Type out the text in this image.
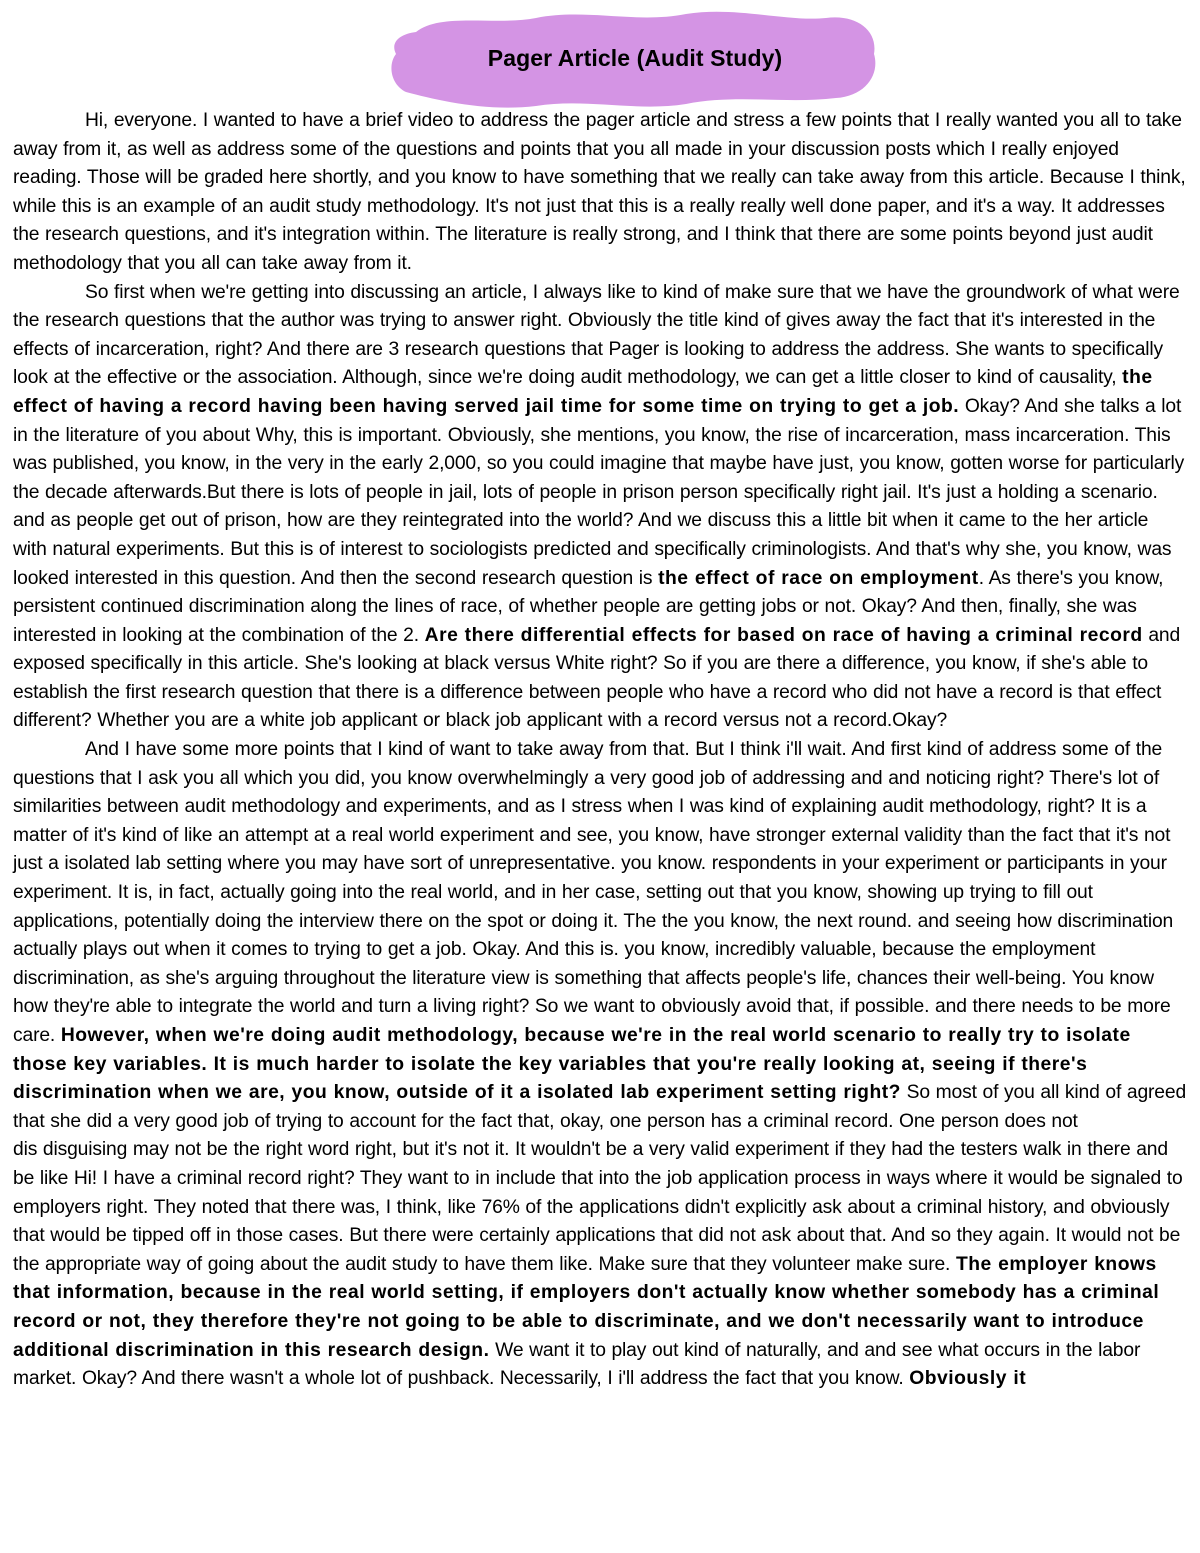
Pager Article (Audit Study)

Hi, everyone. I wanted to have a brief video to address the pager article and stress a few points that I really wanted you all to take away from it, as well as address some of the questions and points that you all made in your discussion posts which I really enjoyed reading. Those will be graded here shortly, and you know to have something that we really can take away from this article. Because I think, while this is an example of an audit study methodology. It's not just that this is a really really well done paper, and it's a way. It addresses the research questions, and it's integration within. The literature is really strong, and I think that there are some points beyond just audit methodology that you all can take away from it.

So first when we're getting into discussing an article, I always like to kind of make sure that we have the groundwork of what were the research questions that the author was trying to answer right. Obviously the title kind of gives away the fact that it's interested in the effects of incarceration, right? And there are 3 research questions that Pager is looking to address the address. She wants to specifically look at the effective or the association. Although, since we're doing audit methodology, we can get a little closer to kind of causality, the effect of having a record having been having served jail time for some time on trying to get a job. Okay? And she talks a lot in the literature of you about Why, this is important. Obviously, she mentions, you know, the rise of incarceration, mass incarceration. This was published, you know, in the very in the early 2,000, so you could imagine that maybe have just, you know, gotten worse for particularly the decade afterwards.But there is lots of people in jail, lots of people in prison person specifically right jail. It's just a holding a scenario. and as people get out of prison, how are they reintegrated into the world? And we discuss this a little bit when it came to the her article with natural experiments. But this is of interest to sociologists predicted and specifically criminologists. And that's why she, you know, was looked interested in this question. And then the second research question is the effect of race on employment. As there's you know, persistent continued discrimination along the lines of race, of whether people are getting jobs or not. Okay? And then, finally, she was interested in looking at the combination of the 2. Are there differential effects for based on race of having a criminal record and exposed specifically in this article. She's looking at black versus White right? So if you are there a difference, you know, if she's able to establish the first research question that there is a difference between people who have a record who did not have a record is that effect different? Whether you are a white job applicant or black job applicant with a record versus not a record.Okay?

And I have some more points that I kind of want to take away from that. But I think i'll wait. And first kind of address some of the questions that I ask you all which you did, you know overwhelmingly a very good job of addressing and and noticing right? There's lot of similarities between audit methodology and experiments, and as I stress when I was kind of explaining audit methodology, right? It is a matter of it's kind of like an attempt at a real world experiment and see, you know, have stronger external validity than the fact that it's not just a isolated lab setting where you may have sort of unrepresentative. you know. respondents in your experiment or participants in your experiment. It is, in fact, actually going into the real world, and in her case, setting out that you know, showing up trying to fill out applications, potentially doing the interview there on the spot or doing it. The the you know, the next round. and seeing how discrimination actually plays out when it comes to trying to get a job. Okay. And this is. you know, incredibly valuable, because the employment discrimination, as she's arguing throughout the literature view is something that affects people's life, chances their well-being. You know how they're able to integrate the world and turn a living right? So we want to obviously avoid that, if possible. and there needs to be more care. However, when we're doing audit methodology, because we're in the real world scenario to really try to isolate those key variables. It is much harder to isolate the key variables that you're really looking at, seeing if there's discrimination when we are, you know, outside of it a isolated lab experiment setting right? So most of you all kind of agreed that she did a very good job of trying to account for the fact that, okay, one person has a criminal record. One person does not

dis disguising may not be the right word right, but it's not it. It wouldn't be a very valid experiment if they had the testers walk in there and be like Hi! I have a criminal record right? They want to in include that into the job application process in ways where it would be signaled to employers right. They noted that there was, I think, like 76% of the applications didn't explicitly ask about a criminal history, and obviously that would be tipped off in those cases. But there were certainly applications that did not ask about that. And so they again. It would not be the appropriate way of going about the audit study to have them like. Make sure that they volunteer make sure. The employer knows that information, because in the real world setting, if employers don't actually know whether somebody has a criminal record or not, they therefore they're not going to be able to discriminate, and we don't necessarily want to introduce additional discrimination in this research design. We want it to play out kind of naturally, and and see what occurs in the labor market. Okay? And there wasn't a whole lot of pushback. Necessarily, I i'll address the fact that you know. Obviously it
